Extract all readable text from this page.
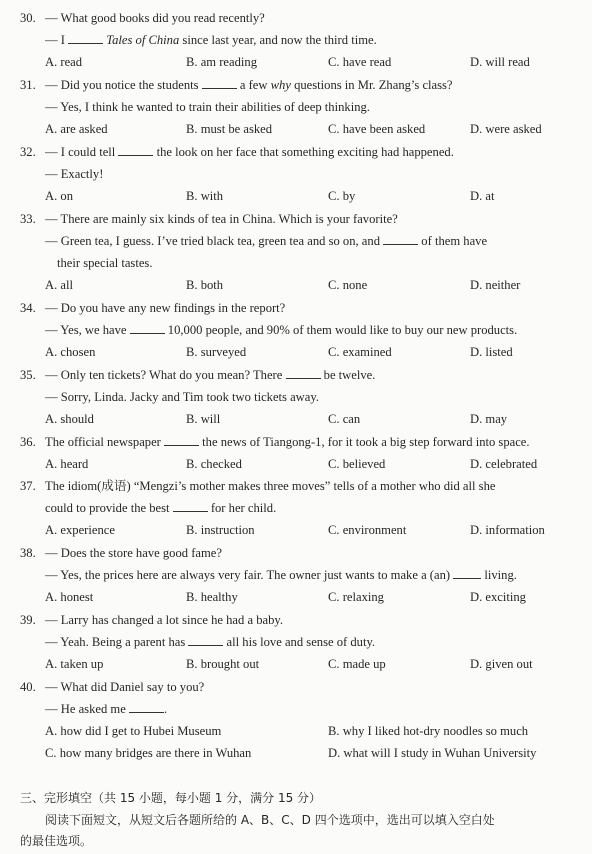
30. — What good books did you read recently?
— I	Tales of China since last year, and now the third time.
A. read	B. am reading	C. have read	D. will read
31. — Did you notice the students	a few why questions in Mr. Zhang’s class?
— Yes, I think he wanted to train their abilities of deep thinking.
A. are asked	B. must be asked	C. have been asked	D. were asked
32. — I could tell	the look on her face that something exciting had happened.
— Exactly!
A. on	B. with	C. by	D. at
33. — There are mainly six kinds of tea in China. Which is your favorite?
— Green tea, I guess. I’ve tried black tea, green tea and so on, and	of them have
their special tastes.
A. all	B. both	C. none	D. neither
34. — Do you have any new findings in the report?
— Yes, we have	10,000 people, and 90% of them would like to buy our new products.
A. chosen	B. surveyed	C. examined	D. listed
35. — Only ten tickets? What do you mean? There	be twelve.
— Sorry, Linda. Jacky and Tim took two tickets away.
A. should	B. will	C. can	D. may
36. The official newspaper	the news of Tiangong-1, for it took a big step forward into space.
A. heard	B. checked	C. believed	D. celebrated
37. The idiom(成语) “Mengzi’s mother makes three moves” tells of a mother who did all she
could to provide the best	for her child.
A. experience	B. instruction	C. environment	D. information
38. — Does the store have good fame?
— Yes, the prices here are always very fair. The owner just wants to make a (an)  living.
A. honest	B. healthy	C. relaxing	D. exciting
39. — Larry has changed a lot since he had a baby.
— Yeah. Being a parent has	all his love and sense of duty.
A. taken up	B. brought out	C. made up	D. given out
40. — What did Daniel say to you?
— He asked me	.
A. how did I get to Hubei Museum	B. why I liked hot-dry noodles so much
C. how many bridges are there in Wuhan	D. what will I study in Wuhan University
三、完形填空（共 15 小题，每小题 1 分，满分 15 分）
阅读下面短文，从短文后各题所给的 A、B、C、D 四个选项中，选出可以填入空白处
的最佳选项。
